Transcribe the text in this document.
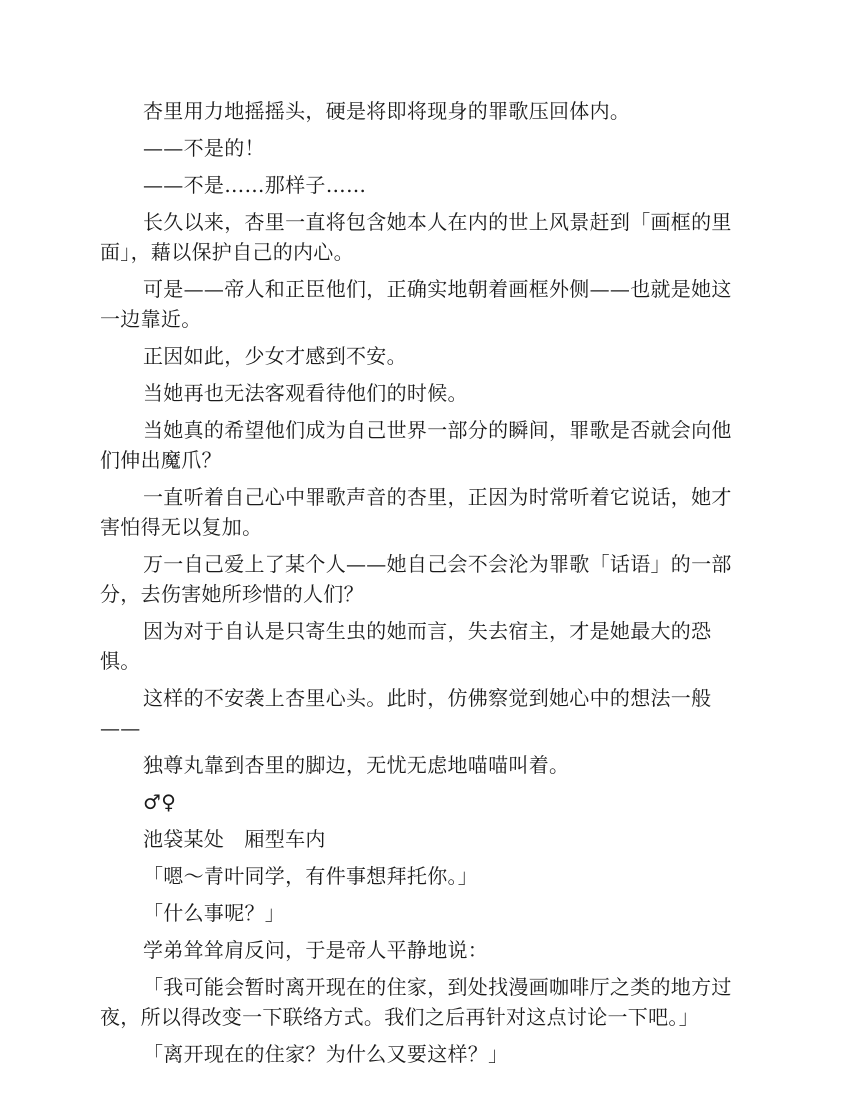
杏里用力地摇摇头，硬是将即将现身的罪歌压回体内。

——不是的！

——不是……那样子……

长久以来，杏里一直将包含她本人在内的世上风景赶到「画框的里面」，藉以保护自己的内心。

可是——帝人和正臣他们，正确实地朝着画框外侧——也就是她这一边靠近。

正因如此，少女才感到不安。

当她再也无法客观看待他们的时候。

当她真的希望他们成为自己世界一部分的瞬间，罪歌是否就会向他们伸出魔爪？

一直听着自己心中罪歌声音的杏里，正因为时常听着它说话，她才害怕得无以复加。

万一自己爱上了某个人——她自己会不会沦为罪歌「话语」的一部分，去伤害她所珍惜的人们？

因为对于自认是只寄生虫的她而言，失去宿主，才是她最大的恐惧。

这样的不安袭上杏里心头。此时，仿佛察觉到她心中的想法一般——

独尊丸靠到杏里的脚边，无忧无虑地喵喵叫着。

♂♀

池袋某处　厢型车内

「嗯～青叶同学，有件事想拜托你。」

「什么事呢？」

学弟耸耸肩反问，于是帝人平静地说：

「我可能会暂时离开现在的住家，到处找漫画咖啡厅之类的地方过夜，所以得改变一下联络方式。我们之后再针对这点讨论一下吧。」

「离开现在的住家？为什么又要这样？」
